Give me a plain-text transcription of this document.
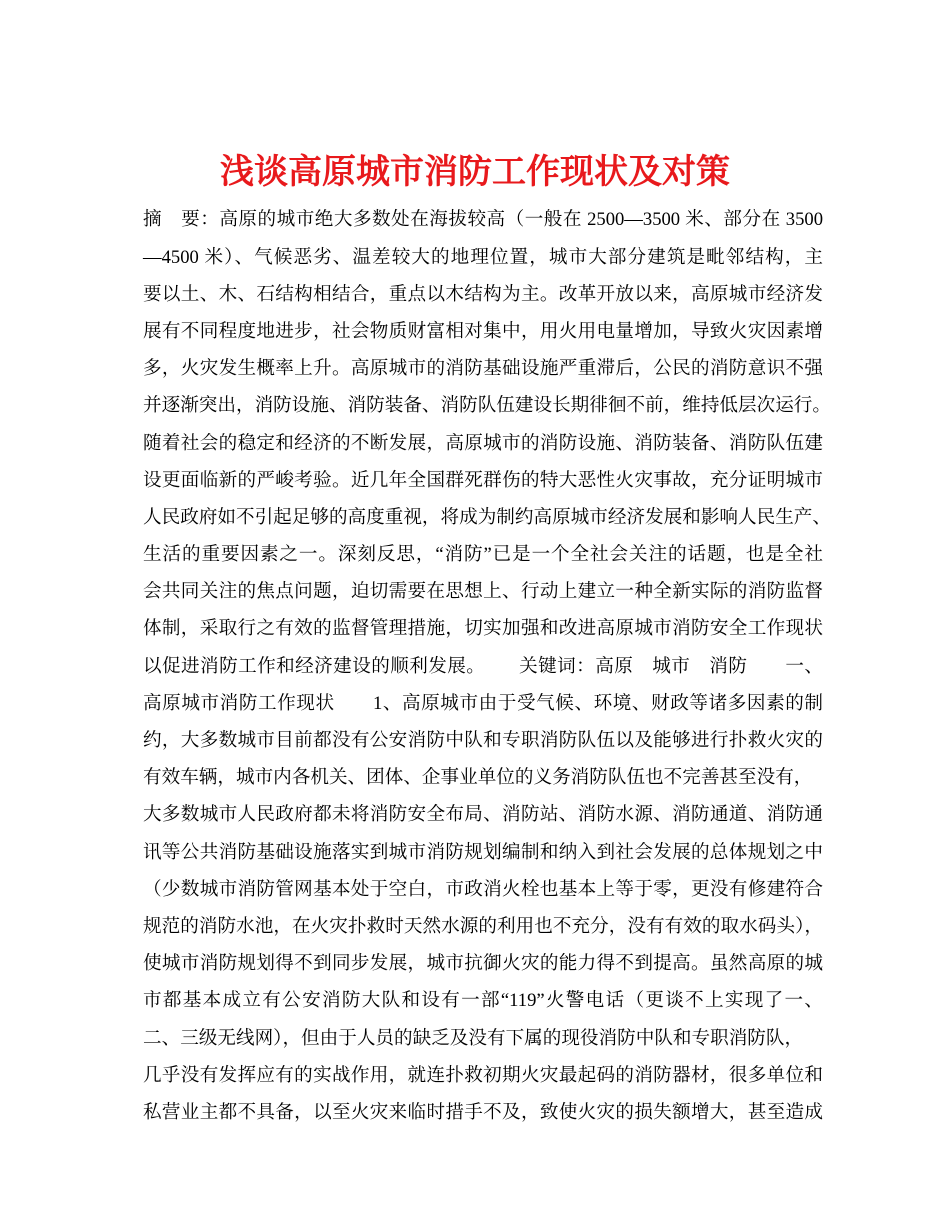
浅谈高原城市消防工作现状及对策
摘　要：高原的城市绝大多数处在海拔较高（一般在 2500—3500 米、部分在 3500
—4500 米）、气候恶劣、温差较大的地理位置，城市大部分建筑是毗邻结构，主
要以土、木、石结构相结合，重点以木结构为主。改革开放以来，高原城市经济发
展有不同程度地进步，社会物质财富相对集中，用火用电量增加，导致火灾因素增
多，火灾发生概率上升。高原城市的消防基础设施严重滞后，公民的消防意识不强
并逐渐突出，消防设施、消防装备、消防队伍建设长期徘徊不前，维持低层次运行。
随着社会的稳定和经济的不断发展，高原城市的消防设施、消防装备、消防队伍建
设更面临新的严峻考验。近几年全国群死群伤的特大恶性火灾事故，充分证明城市
人民政府如不引起足够的高度重视，将成为制约高原城市经济发展和影响人民生产、
生活的重要因素之一。深刻反思，“消防”已是一个全社会关注的话题，也是全社
会共同关注的焦点问题，迫切需要在思想上、行动上建立一种全新实际的消防监督
体制，采取行之有效的监督管理措施，切实加强和改进高原城市消防安全工作现状
以促进消防工作和经济建设的顺利发展。　　 关键词：高原　城市　消防　　一、
高原城市消防工作现状　　1、高原城市由于受气候、环境、财政等诸多因素的制
约，大多数城市目前都没有公安消防中队和专职消防队伍以及能够进行扑救火灾的
有效车辆，城市内各机关、团体、企事业单位的义务消防队伍也不完善甚至没有，
大多数城市人民政府都未将消防安全布局、消防站、消防水源、消防通道、消防通
讯等公共消防基础设施落实到城市消防规划编制和纳入到社会发展的总体规划之中
（少数城市消防管网基本处于空白，市政消火栓也基本上等于零，更没有修建符合
规范的消防水池，在火灾扑救时天然水源的利用也不充分，没有有效的取水码头），
使城市消防规划得不到同步发展，城市抗御火灾的能力得不到提高。虽然高原的城
市都基本成立有公安消防大队和设有一部“119”火警电话（更谈不上实现了一、
二、三级无线网），但由于人员的缺乏及没有下属的现役消防中队和专职消防队，
几乎没有发挥应有的实战作用，就连扑救初期火灾最起码的消防器材，很多单位和
私营业主都不具备，以至火灾来临时措手不及，致使火灾的损失额增大，甚至造成
